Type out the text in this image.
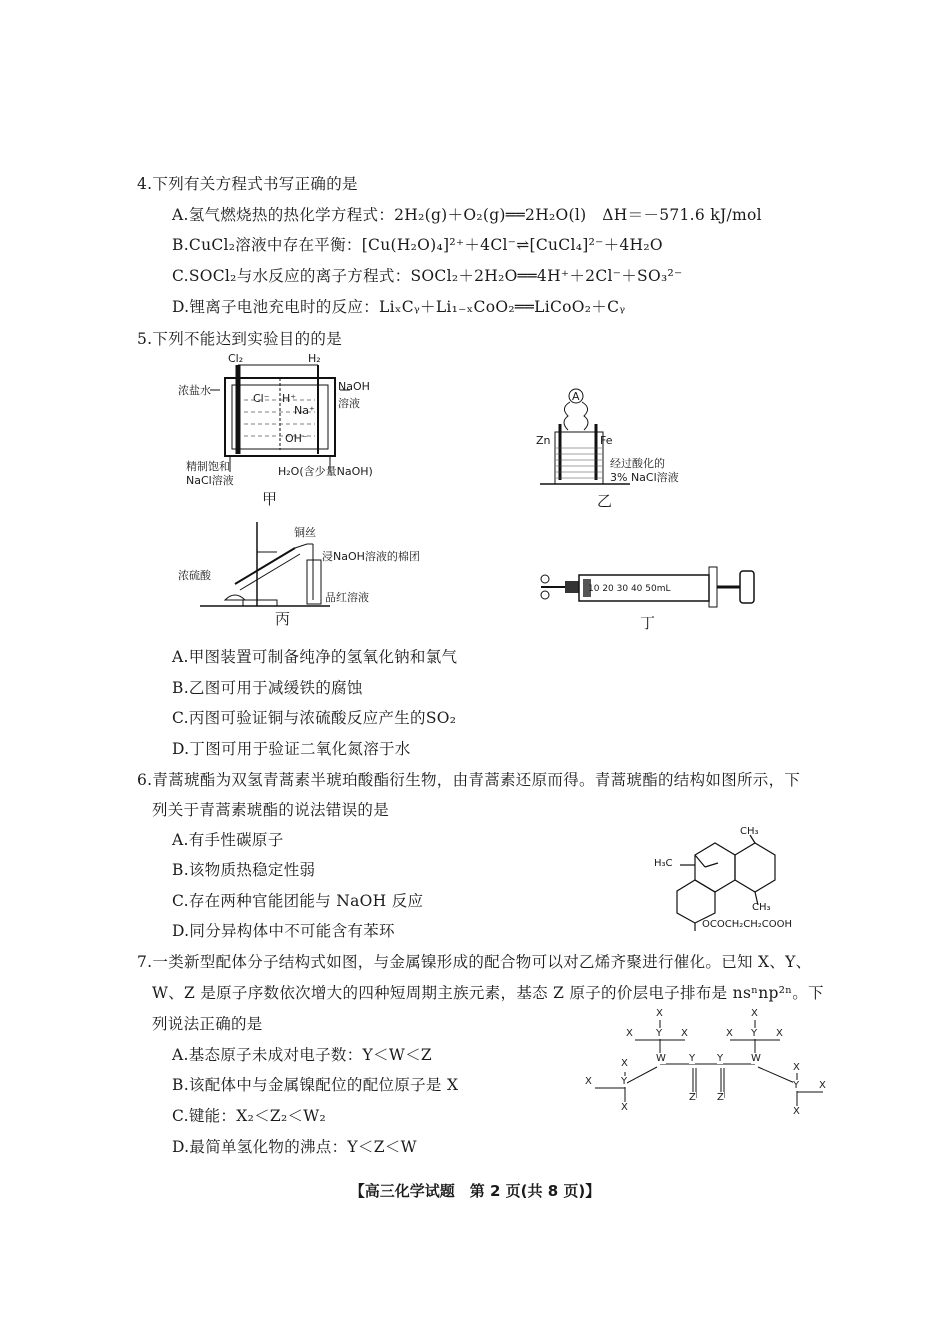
4.下列有关方程式书写正确的是
A.氢气燃烧热的热化学方程式：2H₂(g)＋O₂(g)══2H₂O(l)　ΔH＝－571.6 kJ/mol
B.CuCl₂溶液中存在平衡：[Cu(H₂O)₄]²⁺＋4Cl⁻⇌[CuCl₄]²⁻＋4H₂O
C.SOCl₂与水反应的离子方程式：SOCl₂＋2H₂O══4H⁺＋2Cl⁻＋SO₃²⁻
D.锂离子电池充电时的反应：LiₓCᵧ＋Li₁₋ₓCoO₂══LiCoO₂＋Cᵧ
5.下列不能达到实验目的的是
Cl₂	H₂
浓盐水	NaOH
溶液
Cl⁻ H⁺
Na⁺
OH⁻
精制饱和
NaCl溶液
H₂O(含少量NaOH)
甲
A
Zn	Fe
经过酸化的
3% NaCl溶液
乙
铜丝
浸NaOH溶液的棉团
浓硫酸
品红溶液
丙
10 20 30 40 50mL
丁
A.甲图装置可制备纯净的氢氧化钠和氯气
B.乙图可用于减缓铁的腐蚀
C.丙图可验证铜与浓硫酸反应产生的SO₂
D.丁图可用于验证二氧化氮溶于水
6.青蒿琥酯为双氢青蒿素半琥珀酸酯衍生物，由青蒿素还原而得。青蒿琥酯的结构如图所示，下
列关于青蒿素琥酯的说法错误的是
A.有手性碳原子
B.该物质热稳定性弱
C.存在两种官能团能与 NaOH 反应
D.同分异构体中不可能含有苯环
CH₃
H₃C
CH₃
OCOCH₂CH₂COOH
7.一类新型配体分子结构式如图，与金属镍形成的配合物可以对乙烯齐聚进行催化。已知 X、Y、
W、Z 是原子序数依次增大的四种短周期主族元素，基态 Z 原子的价层电子排布是 nsⁿnp²ⁿ。下
列说法正确的是
A.基态原子未成对电子数：Y＜W＜Z
B.该配体中与金属镍配位的配位原子是 X
C.键能：X₂＜Z₂＜W₂
D.最简单氢化物的沸点：Y＜Z＜W
X
X Y X	Y
X	X
X
W Y Y	W
Z Z
Y
X
X
Y X
X
X
X
【高三化学试题　第 2 页(共 8 页)】
